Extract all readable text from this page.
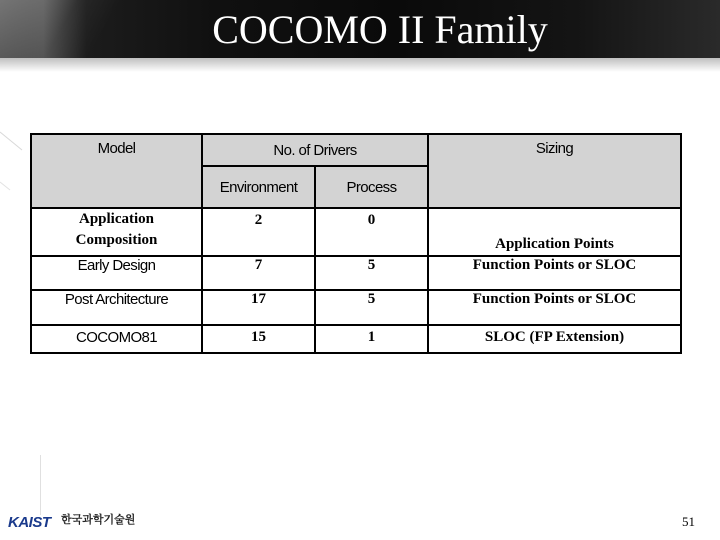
COCOMO II Family
Model	No. of Drivers		Sizing

	Environment	Process	

Application
Composition	2	0	Application Points

Early Design	7	5	Function Points or SLOC
Post Architecture	17	5	Function Points or SLOC

COCOMO81	15	1	SLOC (FP Extension)
KAIST 한국과학기술원	51
